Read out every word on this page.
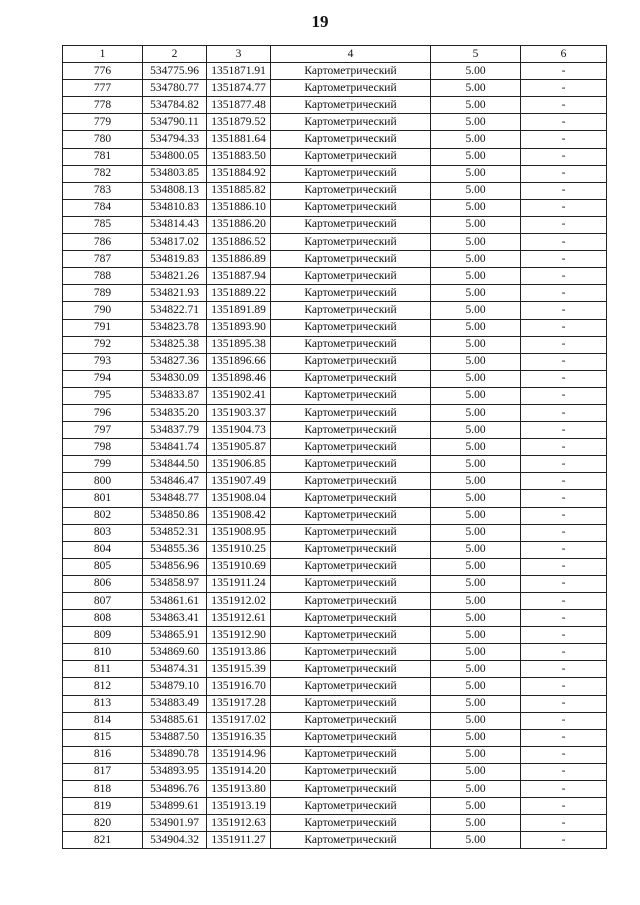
19
1	2	3	4	5	6
776	534775.96	1351871.91	Картометрический	5.00	-
777	534780.77	1351874.77	Картометрический	5.00	-
778	534784.82	1351877.48	Картометрический	5.00	-
779	534790.11	1351879.52	Картометрический	5.00	-
780	534794.33	1351881.64	Картометрический	5.00	-
781	534800.05	1351883.50	Картометрический	5.00	-
782	534803.85	1351884.92	Картометрический	5.00	-
783	534808.13	1351885.82	Картометрический	5.00	-
784	534810.83	1351886.10	Картометрический	5.00	-
785	534814.43	1351886.20	Картометрический	5.00	-
786	534817.02	1351886.52	Картометрический	5.00	-
787	534819.83	1351886.89	Картометрический	5.00	-
788	534821.26	1351887.94	Картометрический	5.00	-
789	534821.93	1351889.22	Картометрический	5.00	-
790	534822.71	1351891.89	Картометрический	5.00	-
791	534823.78	1351893.90	Картометрический	5.00	-
792	534825.38	1351895.38	Картометрический	5.00	-
793	534827.36	1351896.66	Картометрический	5.00	-
794	534830.09	1351898.46	Картометрический	5.00	-
795	534833.87	1351902.41	Картометрический	5.00	-
796	534835.20	1351903.37	Картометрический	5.00	-
797	534837.79	1351904.73	Картометрический	5.00	-
798	534841.74	1351905.87	Картометрический	5.00	-
799	534844.50	1351906.85	Картометрический	5.00	-
800	534846.47	1351907.49	Картометрический	5.00	-
801	534848.77	1351908.04	Картометрический	5.00	-
802	534850.86	1351908.42	Картометрический	5.00	-
803	534852.31	1351908.95	Картометрический	5.00	-
804	534855.36	1351910.25	Картометрический	5.00	-
805	534856.96	1351910.69	Картометрический	5.00	-
806	534858.97	1351911.24	Картометрический	5.00	-
807	534861.61	1351912.02	Картометрический	5.00	-
808	534863.41	1351912.61	Картометрический	5.00	-
809	534865.91	1351912.90	Картометрический	5.00	-
810	534869.60	1351913.86	Картометрический	5.00	-
811	534874.31	1351915.39	Картометрический	5.00	-
812	534879.10	1351916.70	Картометрический	5.00	-
813	534883.49	1351917.28	Картометрический	5.00	-
814	534885.61	1351917.02	Картометрический	5.00	-
815	534887.50	1351916.35	Картометрический	5.00	-
816	534890.78	1351914.96	Картометрический	5.00	-
817	534893.95	1351914.20	Картометрический	5.00	-
818	534896.76	1351913.80	Картометрический	5.00	-
819	534899.61	1351913.19	Картометрический	5.00	-
820	534901.97	1351912.63	Картометрический	5.00	-
821	534904.32	1351911.27	Картометрический	5.00	-
